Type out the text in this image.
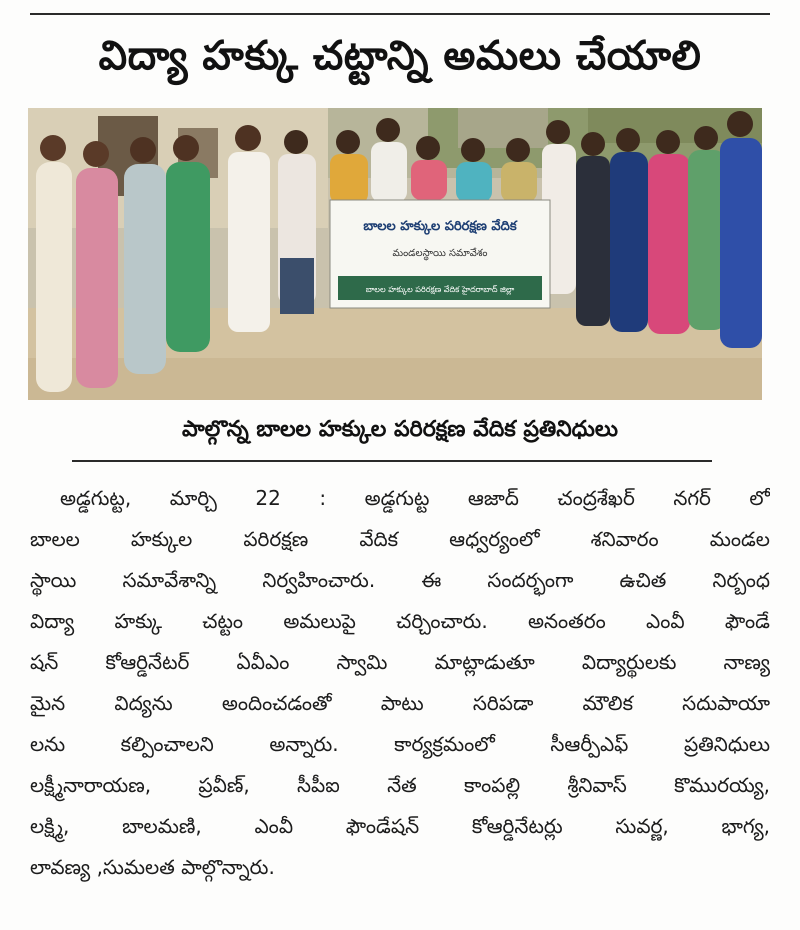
విద్యా హక్కు చట్టాన్ని అమలు చేయాలి
బాలల హక్కుల పరిరక్షణ వేదిక
మండలస్థాయి సమావేశం
బాలల హక్కుల పరిరక్షణ వేదిక హైదరాబాద్ జిల్లా
పాల్గొన్న బాలల హక్కుల పరిరక్షణ వేదిక ప్రతినిధులు
అడ్డగుట్ట, మార్చి 22 : అడ్డగుట్ట ఆజాద్ చంద్రశేఖర్ నగర్ లో
బాలల హక్కుల పరిరక్షణ వేదిక ఆధ్వర్యంలో శనివారం మండల
స్థాయి సమావేశాన్ని నిర్వహించారు. ఈ సందర్భంగా ఉచిత నిర్బంధ
విద్యా హక్కు చట్టం అమలుపై చర్చించారు. అనంతరం ఎంవీ ఫౌండే
షన్ కోఆర్డినేటర్ ఏవీఎం స్వామి మాట్లాడుతూ విద్యార్థులకు నాణ్య
మైన విద్యను అందించడంతో పాటు సరిపడా మౌలిక సదుపాయా
లను కల్పించాలని అన్నారు. కార్యక్రమంలో సీఆర్పీఎఫ్ ప్రతినిధులు
లక్ష్మీనారాయణ, ప్రవీణ్, సీపీఐ నేత కాంపల్లి శ్రీనివాస్ కొమురయ్య,
లక్ష్మి, బాలమణి, ఎంవీ ఫౌండేషన్ కోఆర్డినేటర్లు సువర్ణ, భాగ్య,
లావణ్య ,సుమలత పాల్గొన్నారు.
